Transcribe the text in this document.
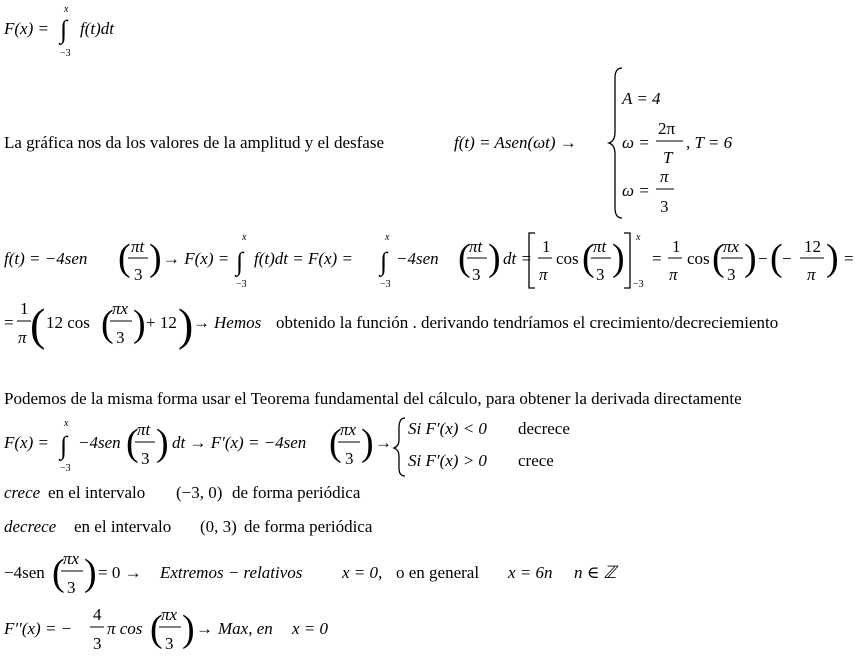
F(x) =
x
∫
−3
f(t)dt
La gráfica nos da los valores de la amplitud y el desfase	f(t) = Asen(ωt) →
A = 4
ω =
2π
T
, T = 6
ω =
π
3
f(t) = −4sen
πt
3
( ) → F(x) =
x
∫
−3
f(t)dt = F(x) =
x
∫
−3
−4sen (
πt
3 ) dt =
1
π
cos (
πt
3 ) x
−3
=
1
π
cos (
πx
3 ) − ( −
12
π ) =
=
1
π ( 12 cos (
πx
3 ) + 12 ) → Hemos obtenido la función . derivando tendríamos el crecimiento/decreciemiento
Podemos de la misma forma usar el Teorema fundamental del cálculo, para obtener la derivada directamente
F(x) =
x
∫
−3
−4sen (
πt
3 ) dt → F′(x) = −4sen (
πx
3 ) →
Si F′(x) < 0 decrece
Si F′(x) > 0 crece
crece en el intervalo (−3, 0) de forma periódica
decrece en el intervalo (0, 3) de forma periódica
−4sen (
πx
3 ) = 0 → Extremos − relativos x = 0, o en general x = 6n n ∈ ℤ
F′′(x) = −
4
3
π cos (
πx
3 ) → Max, en x = 0
